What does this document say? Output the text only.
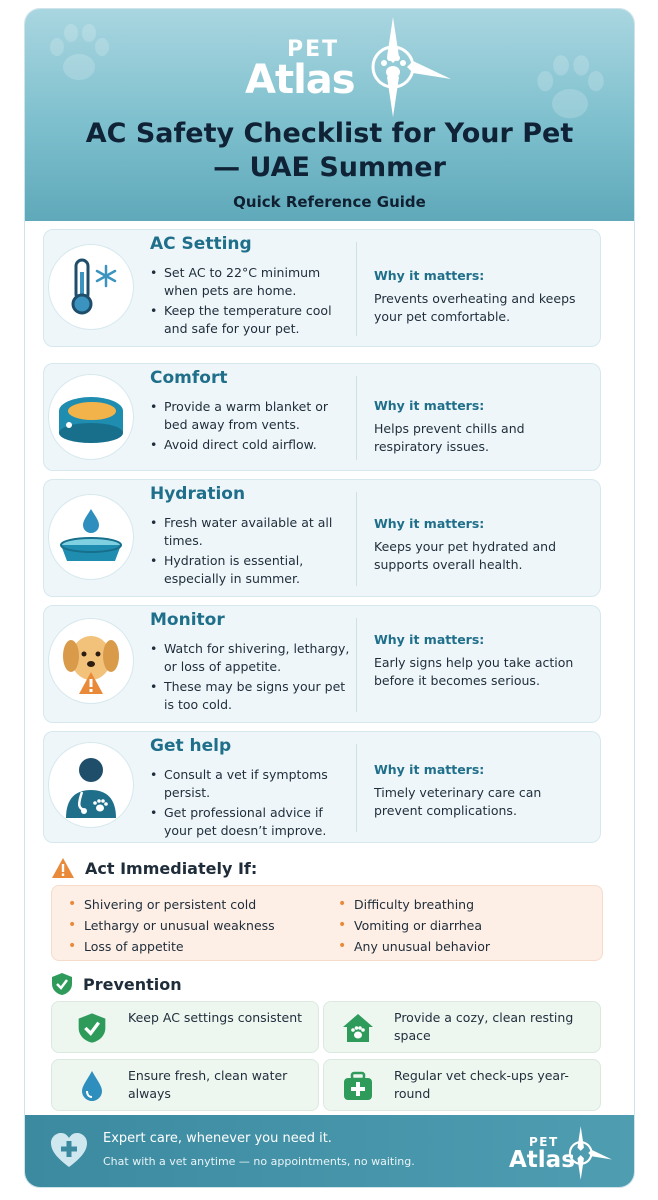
PET
Atlas
AC Safety Checklist for Your Pet
— UAE Summer
Quick Reference Guide
AC Setting
• Set AC to 22°C minimum when pets are home.
• Keep the temperature cool and safe for your pet.
Why it matters:
Prevents overheating and keeps your pet comfortable.
Comfort
• Provide a warm blanket or bed away from vents.
• Avoid direct cold airflow.
Why it matters:
Helps prevent chills and respiratory issues.
Hydration
• Fresh water available at all times.
• Hydration is essential, especially in summer.
Why it matters:
Keeps your pet hydrated and supports overall health.
Monitor
• Watch for shivering, lethargy, or loss of appetite.
• These may be signs your pet is too cold.
Why it matters:
Early signs help you take action before it becomes serious.
Get help
• Consult a vet if symptoms persist.
• Get professional advice if your pet doesn’t improve.
Why it matters:
Timely veterinary care can prevent complications.
Act Immediately If:
• Shivering or persistent cold
• Lethargy or unusual weakness
• Loss of appetite
• Difficulty breathing
• Vomiting or diarrhea
• Any unusual behavior
Prevention
Keep AC settings consistent	Provide a cozy, clean resting space
Ensure fresh, clean water always
Regular vet check-ups year-round
Expert care, whenever you need it.
Chat with a vet anytime — no appointments, no waiting.
PET
Atlas
